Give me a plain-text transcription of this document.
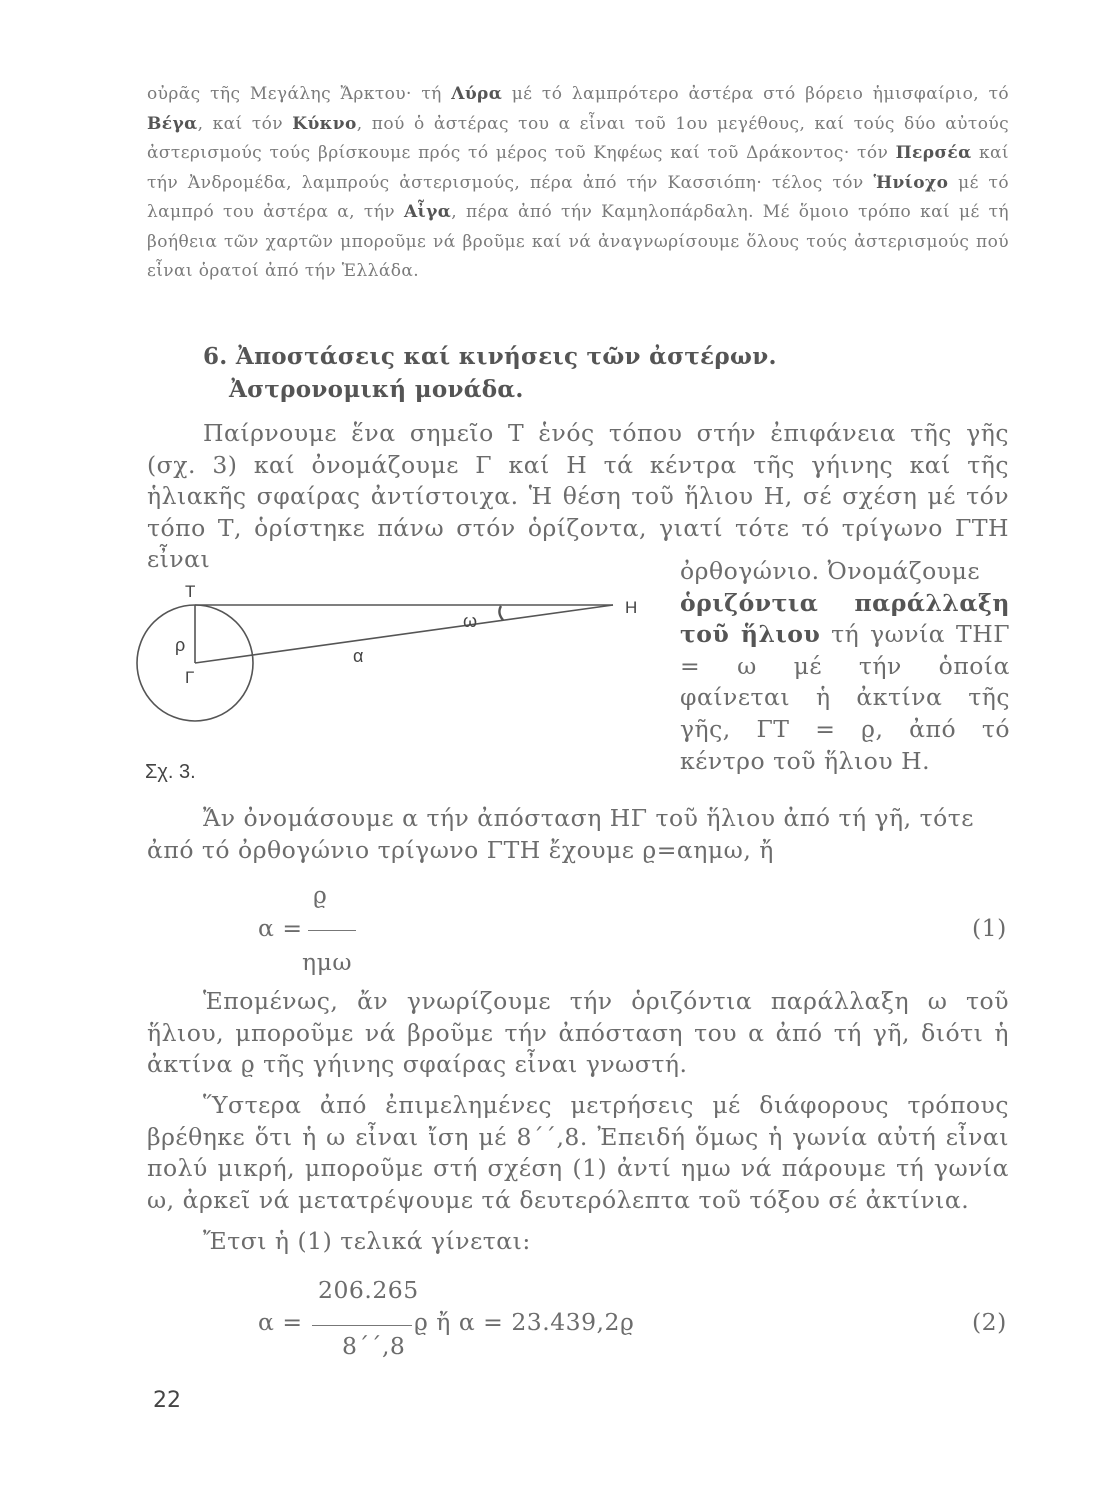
οὐρᾶς τῆς Μεγάλης Ἄρκτου· τή Λύρα μέ τό λαμπρότερο ἀστέρα στό βόρειο ἡμισφαίριο, τό Βέγα, καί τόν Κύκνο, πού ὁ ἀστέρας του α εἶναι τοῦ 1ου μεγέθους, καί τούς δύο αὐτούς ἀστερισμούς τούς βρίσκουμε πρός τό μέρος τοῦ Κηφέως καί τοῦ Δράκοντος· τόν Περσέα καί τήν Ἀνδρομέδα, λαμπρούς ἀστερισμούς, πέρα ἀπό τήν Κασσιόπη· τέλος τόν Ἡνίοχο μέ τό λαμπρό του ἀστέρα α, τήν Αἶγα, πέρα ἀπό τήν Καμηλοπάρδαλη. Μέ ὅμοιο τρόπο καί μέ τή βοήθεια τῶν χαρτῶν μποροῦμε νά βροῦμε καί νά ἀναγνωρίσουμε ὅλους τούς ἀστερισμούς πού εἶναι ὁρατοί ἀπό τήν Ἑλλάδα.

6. Ἀποστάσεις καί κινήσεις τῶν ἀστέρων.
Ἀστρονομική μονάδα.

Παίρνουμε ἕνα σημεῖο Τ ἑνός τόπου στήν ἐπιφάνεια τῆς γῆς (σχ. 3) καί ὀνομάζουμε Γ καί Η τά κέντρα τῆς γήινης καί τῆς ἡλιακῆς σφαίρας ἀντίστοιχα. Ἡ θέση τοῦ ἥλιου Η, σέ σχέση μέ τόν τόπο Τ, ὁρίστηκε πάνω στόν ὁρίζοντα, γιατί τότε τό τρίγωνο ΓΤΗ εἶναι	ὀρθογώνιο. Ὀνομάζουμε
ὁριζόντια παράλλαξη τοῦ ἥλιου τή γωνία ΤΗΓ = ω μέ τήν ὁποία φαίνεται ἡ ἀκτίνα τῆς γῆς, ΓΤ = ϱ, ἀπό τό κέντρο τοῦ ἥλιου Η.

Τ
Η
ρ
Γ
α
ω
Σχ. 3.

Ἄν ὀνομάσουμε α τήν ἀπόσταση ΗΓ τοῦ ἥλιου ἀπό τή γῆ, τότε ἀπό τό ὀρθογώνιο τρίγωνο ΓΤΗ ἔχουμε ϱ=αημω, ἤ

ϱ
α =
ημω
(1)

Ἑπομένως, ἄν γνωρίζουμε τήν ὁριζόντια παράλλαξη ω τοῦ ἥλιου, μποροῦμε νά βροῦμε τήν ἀπόσταση του α ἀπό τή γῆ, διότι ἡ ἀκτίνα ϱ τῆς γήινης σφαίρας εἶναι γνωστή.

Ὕστερα ἀπό ἐπιμελημένες μετρήσεις μέ διάφορους τρόπους βρέθηκε ὅτι ἡ ω εἶναι ἴση μέ 8´´,8. Ἐπειδή ὅμως ἡ γωνία αὐτή εἶναι πολύ μικρή, μποροῦμε στή σχέση (1) ἀντί ημω νά πάρουμε τή γωνία ω, ἀρκεῖ νά μετατρέψουμε τά δευτερόλεπτα τοῦ τόξου σέ ἀκτίνια.

Ἔτσι ἡ (1) τελικά γίνεται:

206.265
α =
8´´,8
ϱ ἤ α = 23.439,2ϱ	(2)
22
